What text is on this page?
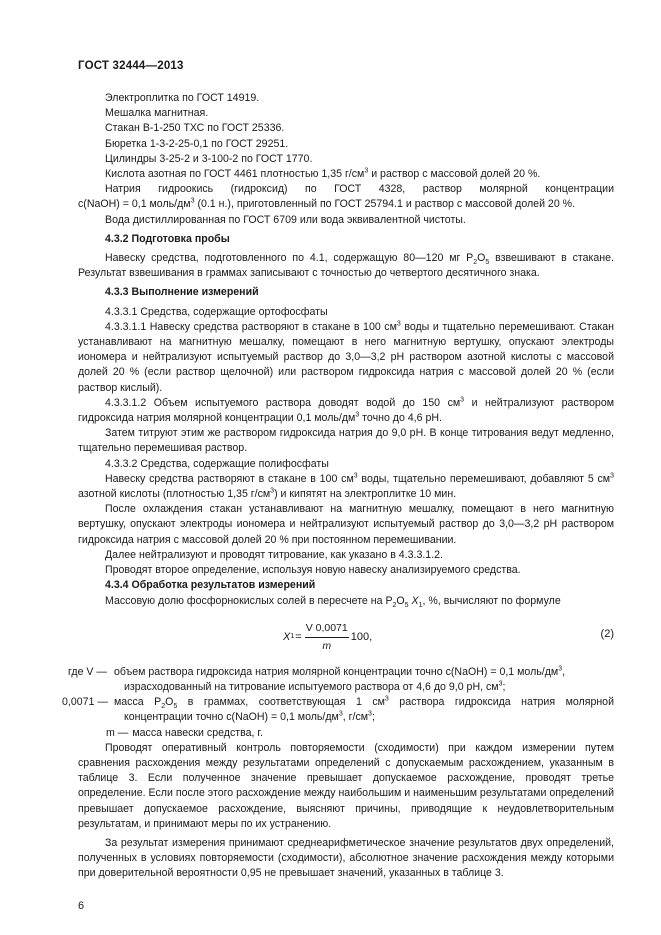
ГОСТ 32444—2013

Электроплитка по ГОСТ 14919.

Мешалка магнитная.

Стакан В-1-250 ТХС по ГОСТ 25336.

Бюретка 1-3-2-25-0,1 по ГОСТ 29251.

Цилиндры 3-25-2 и 3-100-2 по ГОСТ 1770.

Кислота азотная по ГОСТ 4461 плотностью 1,35 $г/см^3$ и раствор с массовой долей 20 %.

Натрия гидроокись (гидроксид) по ГОСТ 4328, раствор молярной концентрации

c(NaOH) = 0,1 моль/$дм^3$ (0.1 н.), приготовленный по ГОСТ 25794.1 и раствор с массовой долей 20 %.

Вода дистиллированная по ГОСТ 6709 или вода эквивалентной чистоты.

4.3.2 Подготовка пробы

Навеску средства, подготовленного по 4.1, содержащую 80—120 мг $P_2O_5$ взвешивают в стакане. Результат взвешивания в граммах записывают с точностью до четвертого десятичного знака.

4.3.3 Выполнение измерений

4.3.3.1 Средства, содержащие ортофосфаты

4.3.3.1.1 Навеску средства растворяют в стакане в 100 $см^3$ воды и тщательно перемешивают. Стакан устанавливают на магнитную мешалку, помещают в него магнитную вертушку, опускают электроды иономера и нейтрализуют испытуемый раствор до 3,0—3,2 pH раствором азотной кислоты с массовой долей 20 % (если раствор щелочной) или раствором гидроксида натрия с массовой долей 20 % (если раствор кислый).

4.3.3.1.2 Объем испытуемого раствора доводят водой до 150 $см^3$ и нейтрализуют раствором гидроксида натрия молярной концентрации 0,1 моль/$дм^3$ точно до 4,6 pH.

Затем титруют этим же раствором гидроксида натрия до 9,0 pH. В конце титрования ведут медленно, тщательно перемешивая раствор.

4.3.3.2 Средства, содержащие полифосфаты

Навеску средства растворяют в стакане в 100 $см^3$ воды, тщательно перемешивают, добавляют 5 $см^3$ азотной кислоты (плотностью 1,35 $г/см^3$) и кипятят на электроплитке 10 мин.

После охлаждения стакан устанавливают на магнитную мешалку, помещают в него магнитную вертушку, опускают электроды иономера и нейтрализуют испытуемый раствор до 3,0—3,2 pH раствором гидроксида натрия с массовой долей 20 % при постоянном перемешивании.

Далее нейтрализуют и проводят титрование, как указано в 4.3.3.1.2.

Проводят второе определение, используя новую навеску анализируемого средства.

4.3.4 Обработка результатов измерений

Массовую долю фосфорнокислых солей в пересчете на $P_2O_5$ $X_1$, %, вычисляют по формуле

X $1 = \frac{V 0,0071}{m} 100$,	(2)
где V — объем раствора гидроксида натрия молярной концентрации точно c(NaOH) = 0,1 моль/$дм^3$,
израсходованный на титрование испытуемого раствора от 4,6 до 9,0 pH, $см^3$;
0,0071 — масса $P_2O_5$ в граммах, соответствующая 1 $см^3$ раствора гидроксида натрия молярной
концентрации точно c(NaOH) = 0,1 моль/$дм^3$, $г/см^3$;
m — масса навески средства, г.

Проводят оперативный контроль повторяемости (сходимости) при каждом измерении путем сравнения расхождения между результатами определений с допускаемым расхождением, указанным в таблице 3. Если полученное значение превышает допускаемое расхождение, проводят третье определение. Если после этого расхождение между наибольшим и наименьшим результатами определений превышает допускаемое расхождение, выясняют причины, приводящие к неудовлетворительным результатам, и принимают меры по их устранению.

За результат измерения принимают среднеарифметическое значение результатов двух определений, полученных в условиях повторяемости (сходимости), абсолютное значение расхождения между которыми при доверительной вероятности 0,95 не превышает значений, указанных в таблице 3.

6
